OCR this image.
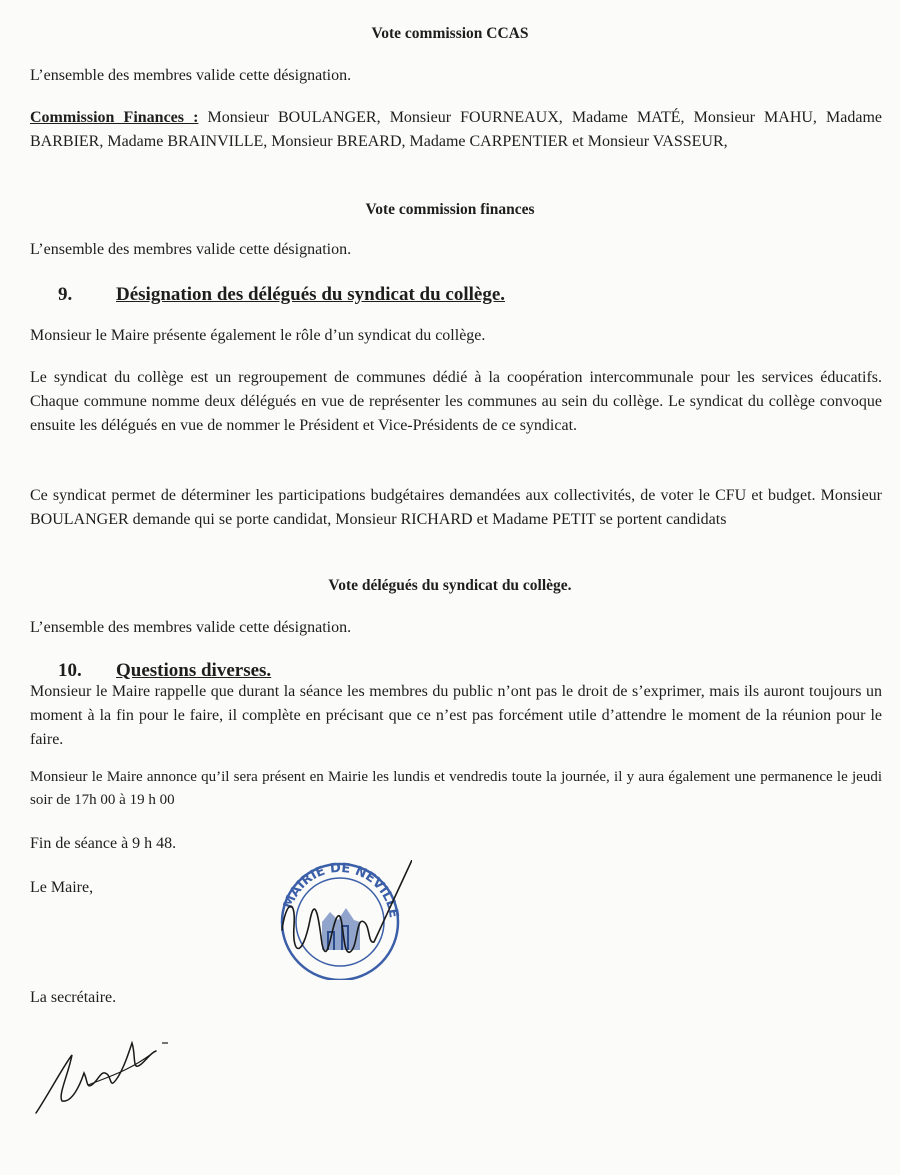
Vote commission CCAS

L’ensemble des membres valide cette désignation.

Commission Finances : Monsieur BOULANGER, Monsieur FOURNEAUX, Madame MATÉ, Monsieur MAHU, Madame BARBIER, Madame BRAINVILLE, Monsieur BREARD, Madame CARPENTIER et Monsieur VASSEUR,

Vote commission finances

L’ensemble des membres valide cette désignation.

9. Désignation des délégués du syndicat du collège.

Monsieur le Maire présente également le rôle d’un syndicat du collège.

Le syndicat du collège est un regroupement de communes dédié à la coopération intercommunale pour les services éducatifs. Chaque commune nomme deux délégués en vue de représenter les communes au sein du collège. Le syndicat du collège convoque ensuite les délégués en vue de nommer le Président et Vice-Présidents de ce syndicat.

Ce syndicat permet de déterminer les participations budgétaires demandées aux collectivités, de voter le CFU et budget. Monsieur BOULANGER demande qui se porte candidat, Monsieur RICHARD et Madame PETIT se portent candidats

Vote délégués du syndicat du collège.

L’ensemble des membres valide cette désignation.

10. Questions diverses.

Monsieur le Maire rappelle que durant la séance les membres du public n’ont pas le droit de s’exprimer, mais ils auront toujours un moment à la fin pour le faire, il complète en précisant que ce n’est pas forcément utile d’attendre le moment de la réunion pour le faire.

Monsieur le Maire annonce qu’il sera présent en Mairie les lundis et vendredis toute la journée, il y aura également une permanence le jeudi soir de 17h 00 à 19 h 00

Fin de séance à 9 h 48.

Le Maire,

La secrétaire.

MAIRIE DE NEVILLE
